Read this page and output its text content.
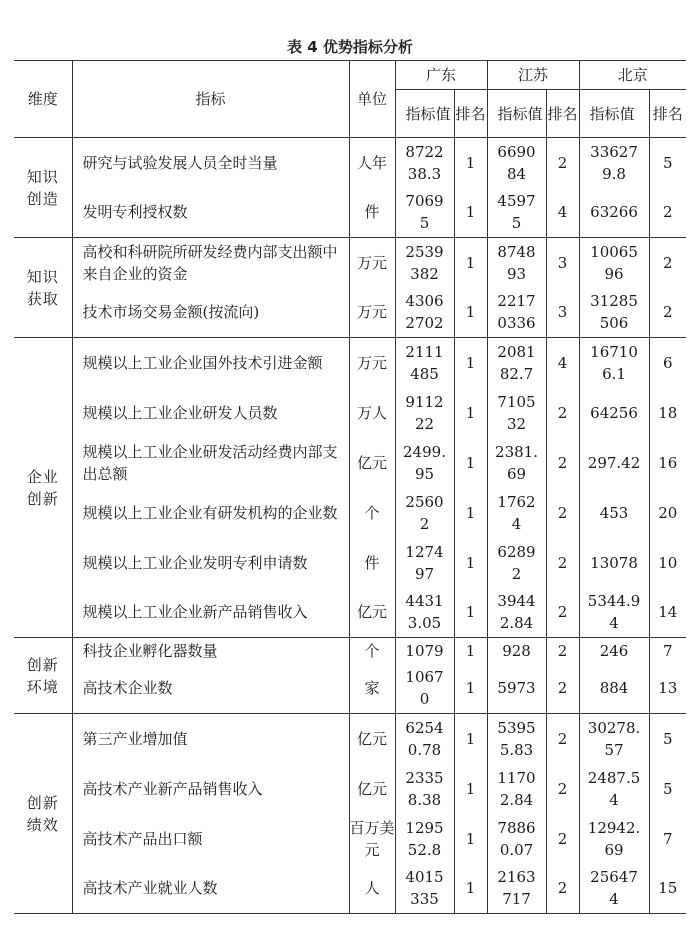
表 4 优势指标分析
维度	指标	单位	广东		江苏		北京	
			指标值	排名	指标值	排名	指标值	排名
知识创造	研究与试验发展人员全时当量	人年	872238.3	1	669084	2	336279.8	5
	发明专利授权数	件	70695	1	45975	4	63266	2
知识获取	高校和科研院所研发经费内部支出额中来自企业的资金	万元	2539382	1	874893	3	1006596	2
	技术市场交易金额(按流向)	万元	43062702	1	22170336	3	31285506	2
企业创新	规模以上工业企业国外技术引进金额	万元	2111485	1	208182.7	4	167106.1	6
	规模以上工业企业研发人员数	万人	911222	1	710532	2	64256	18
	规模以上工业企业研发活动经费内部支出总额	亿元	2499.95	1	2381.69	2	297.42	16
	规模以上工业企业有研发机构的企业数	个	25602	1	17624	2	453	20
	规模以上工业企业发明专利申请数	件	127497	1	62892	2	13078	10
	规模以上工业企业新产品销售收入	亿元	44313.05	1	39442.84	2	5344.94	14
创新环境	科技企业孵化器数量	个	1079	1	928	2	246	7
	高技术企业数	家	10670	1	5973	2	884	13
创新绩效	第三产业增加值	亿元	62540.78	1	53955.83	2	30278.57	5
	高技术产业新产品销售收入	亿元	23358.38	1	11702.84	2	2487.54	5
	高技术产品出口额	百万美元	129552.8	1	78860.07	2	12942.69	7
	高技术产业就业人数	人	4015335	1	2163717	2	256474	15
